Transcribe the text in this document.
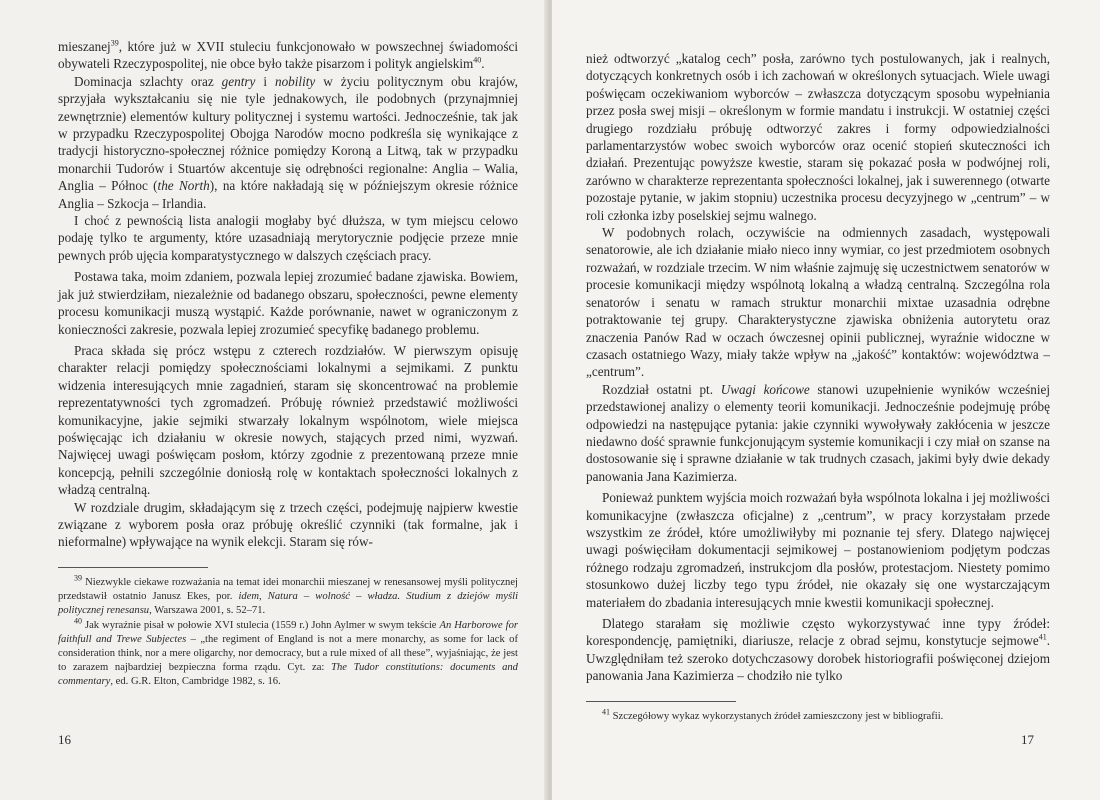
mieszanej$^{39}$, które już w XVII stuleciu funkcjonowało w powszechnej świadomości obywateli Rzeczypospolitej, nie obce było także pisarzom i polityk angielskim$^{40}$.

Dominacja szlachty oraz gentry i nobility w życiu politycznym obu krajów, sprzyjała wykształcaniu się nie tyle jednakowych, ile podobnych (przynajmniej zewnętrznie) elementów kultury politycznej i systemu wartości. Jednocześnie, tak jak w przypadku Rzeczypospolitej Obojga Narodów mocno podkreśla się wynikające z tradycji historyczno-społecznej różnice pomiędzy Koroną a Litwą, tak w przypadku monarchii Tudorów i Stuartów akcentuje się odrębności regionalne: Anglia – Walia, Anglia – Północ (the North), na które nakładają się w późniejszym okresie różnice Anglia – Szkocja – Irlandia.

I choć z pewnością lista analogii mogłaby być dłuższa, w tym miejscu celowo podaję tylko te argumenty, które uzasadniają merytorycznie podjęcie przeze mnie pewnych prób ujęcia komparatystycznego w dalszych częściach pracy.

Postawa taka, moim zdaniem, pozwala lepiej zrozumieć badane zjawiska. Bowiem, jak już stwierdziłam, niezależnie od badanego obszaru, społeczności, pewne elementy procesu komunikacji muszą wystąpić. Każde porównanie, nawet w ograniczonym z konieczności zakresie, pozwala lepiej zrozumieć specyfikę badanego problemu.

Praca składa się prócz wstępu z czterech rozdziałów. W pierwszym opisuję charakter relacji pomiędzy społecznościami lokalnymi a sejmikami. Z punktu widzenia interesujących mnie zagadnień, staram się skoncentrować na problemie reprezentatywności tych zgromadzeń. Próbuję również przedstawić możliwości komunikacyjne, jakie sejmiki stwarzały lokalnym wspólnotom, wiele miejsca poświęcając ich działaniu w okresie nowych, stających przed nimi, wyzwań. Najwięcej uwagi poświęcam posłom, którzy zgodnie z prezentowaną przeze mnie koncepcją, pełnili szczególnie doniosłą rolę w kontaktach społeczności lokalnych z władzą centralną.

W rozdziale drugim, składającym się z trzech części, podejmuję najpierw kwestie związane z wyborem posła oraz próbuję określić czynniki (tak formalne, jak i nieformalne) wpływające na wynik elekcji. Staram się rów-

$^{39}$ Niezwykle ciekawe rozważania na temat idei monarchii mieszanej w renesansowej myśli politycznej przedstawił ostatnio Janusz Ekes, por. idem, Natura – wolność – władza. Studium z dziejów myśli politycznej renesansu, Warszawa 2001, s. 52–71.

$^{40}$ Jak wyraźnie pisał w połowie XVI stulecia (1559 r.) John Aylmer w swym tekście An Harborowe for faithfull and Trewe Subjectes – „the regiment of England is not a mere monarchy, as some for lack of consideration think, nor a mere oligarchy, nor democracy, but a rule mixed of all these”, wyjaśniając, że jest to zarazem najbardziej bezpieczna forma rządu. Cyt. za: The Tudor constitutions: documents and commentary, ed. G.R. Elton, Cambridge 1982, s. 16.

16

nież odtworzyć „katalog cech” posła, zarówno tych postulowanych, jak i realnych, dotyczących konkretnych osób i ich zachowań w określonych sytuacjach. Wiele uwagi poświęcam oczekiwaniom wyborców – zwłaszcza dotyczącym sposobu wypełniania przez posła swej misji – określonym w formie mandatu i instrukcji. W ostatniej części drugiego rozdziału próbuję odtworzyć zakres i formy odpowiedzialności parlamentarzystów wobec swoich wyborców oraz ocenić stopień skuteczności ich działań. Prezentując powyższe kwestie, staram się pokazać posła w podwójnej roli, zarówno w charakterze reprezentanta społeczności lokalnej, jak i suwerennego (otwarte pozostaje pytanie, w jakim stopniu) uczestnika procesu decyzyjnego w „centrum” – w roli członka izby poselskiej sejmu walnego.

W podobnych rolach, oczywiście na odmiennych zasadach, występowali senatorowie, ale ich działanie miało nieco inny wymiar, co jest przedmiotem osobnych rozważań, w rozdziale trzecim. W nim właśnie zajmuję się uczestnictwem senatorów w procesie komunikacji między wspólnotą lokalną a władzą centralną. Szczególna rola senatorów i senatu w ramach struktur monarchii mixtae uzasadnia odrębne potraktowanie tej grupy. Charakterystyczne zjawiska obniżenia autorytetu oraz znaczenia Panów Rad w oczach ówczesnej opinii publicznej, wyraźnie widoczne w czasach ostatniego Wazy, miały także wpływ na „jakość” kontaktów: województwa – „centrum”.

Rozdział ostatni pt. Uwagi końcowe stanowi uzupełnienie wyników wcześniej przedstawionej analizy o elementy teorii komunikacji. Jednocześnie podejmuję próbę odpowiedzi na następujące pytania: jakie czynniki wywoływały zakłócenia w jeszcze niedawno dość sprawnie funkcjonującym systemie komunikacji i czy miał on szanse na dostosowanie się i sprawne działanie w tak trudnych czasach, jakimi były dwie dekady panowania Jana Kazimierza.

Ponieważ punktem wyjścia moich rozważań była wspólnota lokalna i jej możliwości komunikacyjne (zwłaszcza oficjalne) z „centrum”, w pracy korzystałam przede wszystkim ze źródeł, które umożliwiłyby mi poznanie tej sfery. Dlatego najwięcej uwagi poświęciłam dokumentacji sejmikowej – postanowieniom podjętym podczas różnego rodzaju zgromadzeń, instrukcjom dla posłów, protestacjom. Niestety pomimo stosunkowo dużej liczby tego typu źródeł, nie okazały się one wystarczającym materiałem do zbadania interesujących mnie kwestii komunikacji społecznej.

Dlatego starałam się możliwie często wykorzystywać inne typy źródeł: korespondencję, pamiętniki, diariusze, relacje z obrad sejmu, konstytucje sejmowe$^{41}$. Uwzględniłam też szeroko dotychczasowy dorobek historiografii poświęconej dziejom panowania Jana Kazimierza – chodziło nie tylko

$^{41}$ Szczegółowy wykaz wykorzystanych źródeł zamieszczony jest w bibliografii.

17
